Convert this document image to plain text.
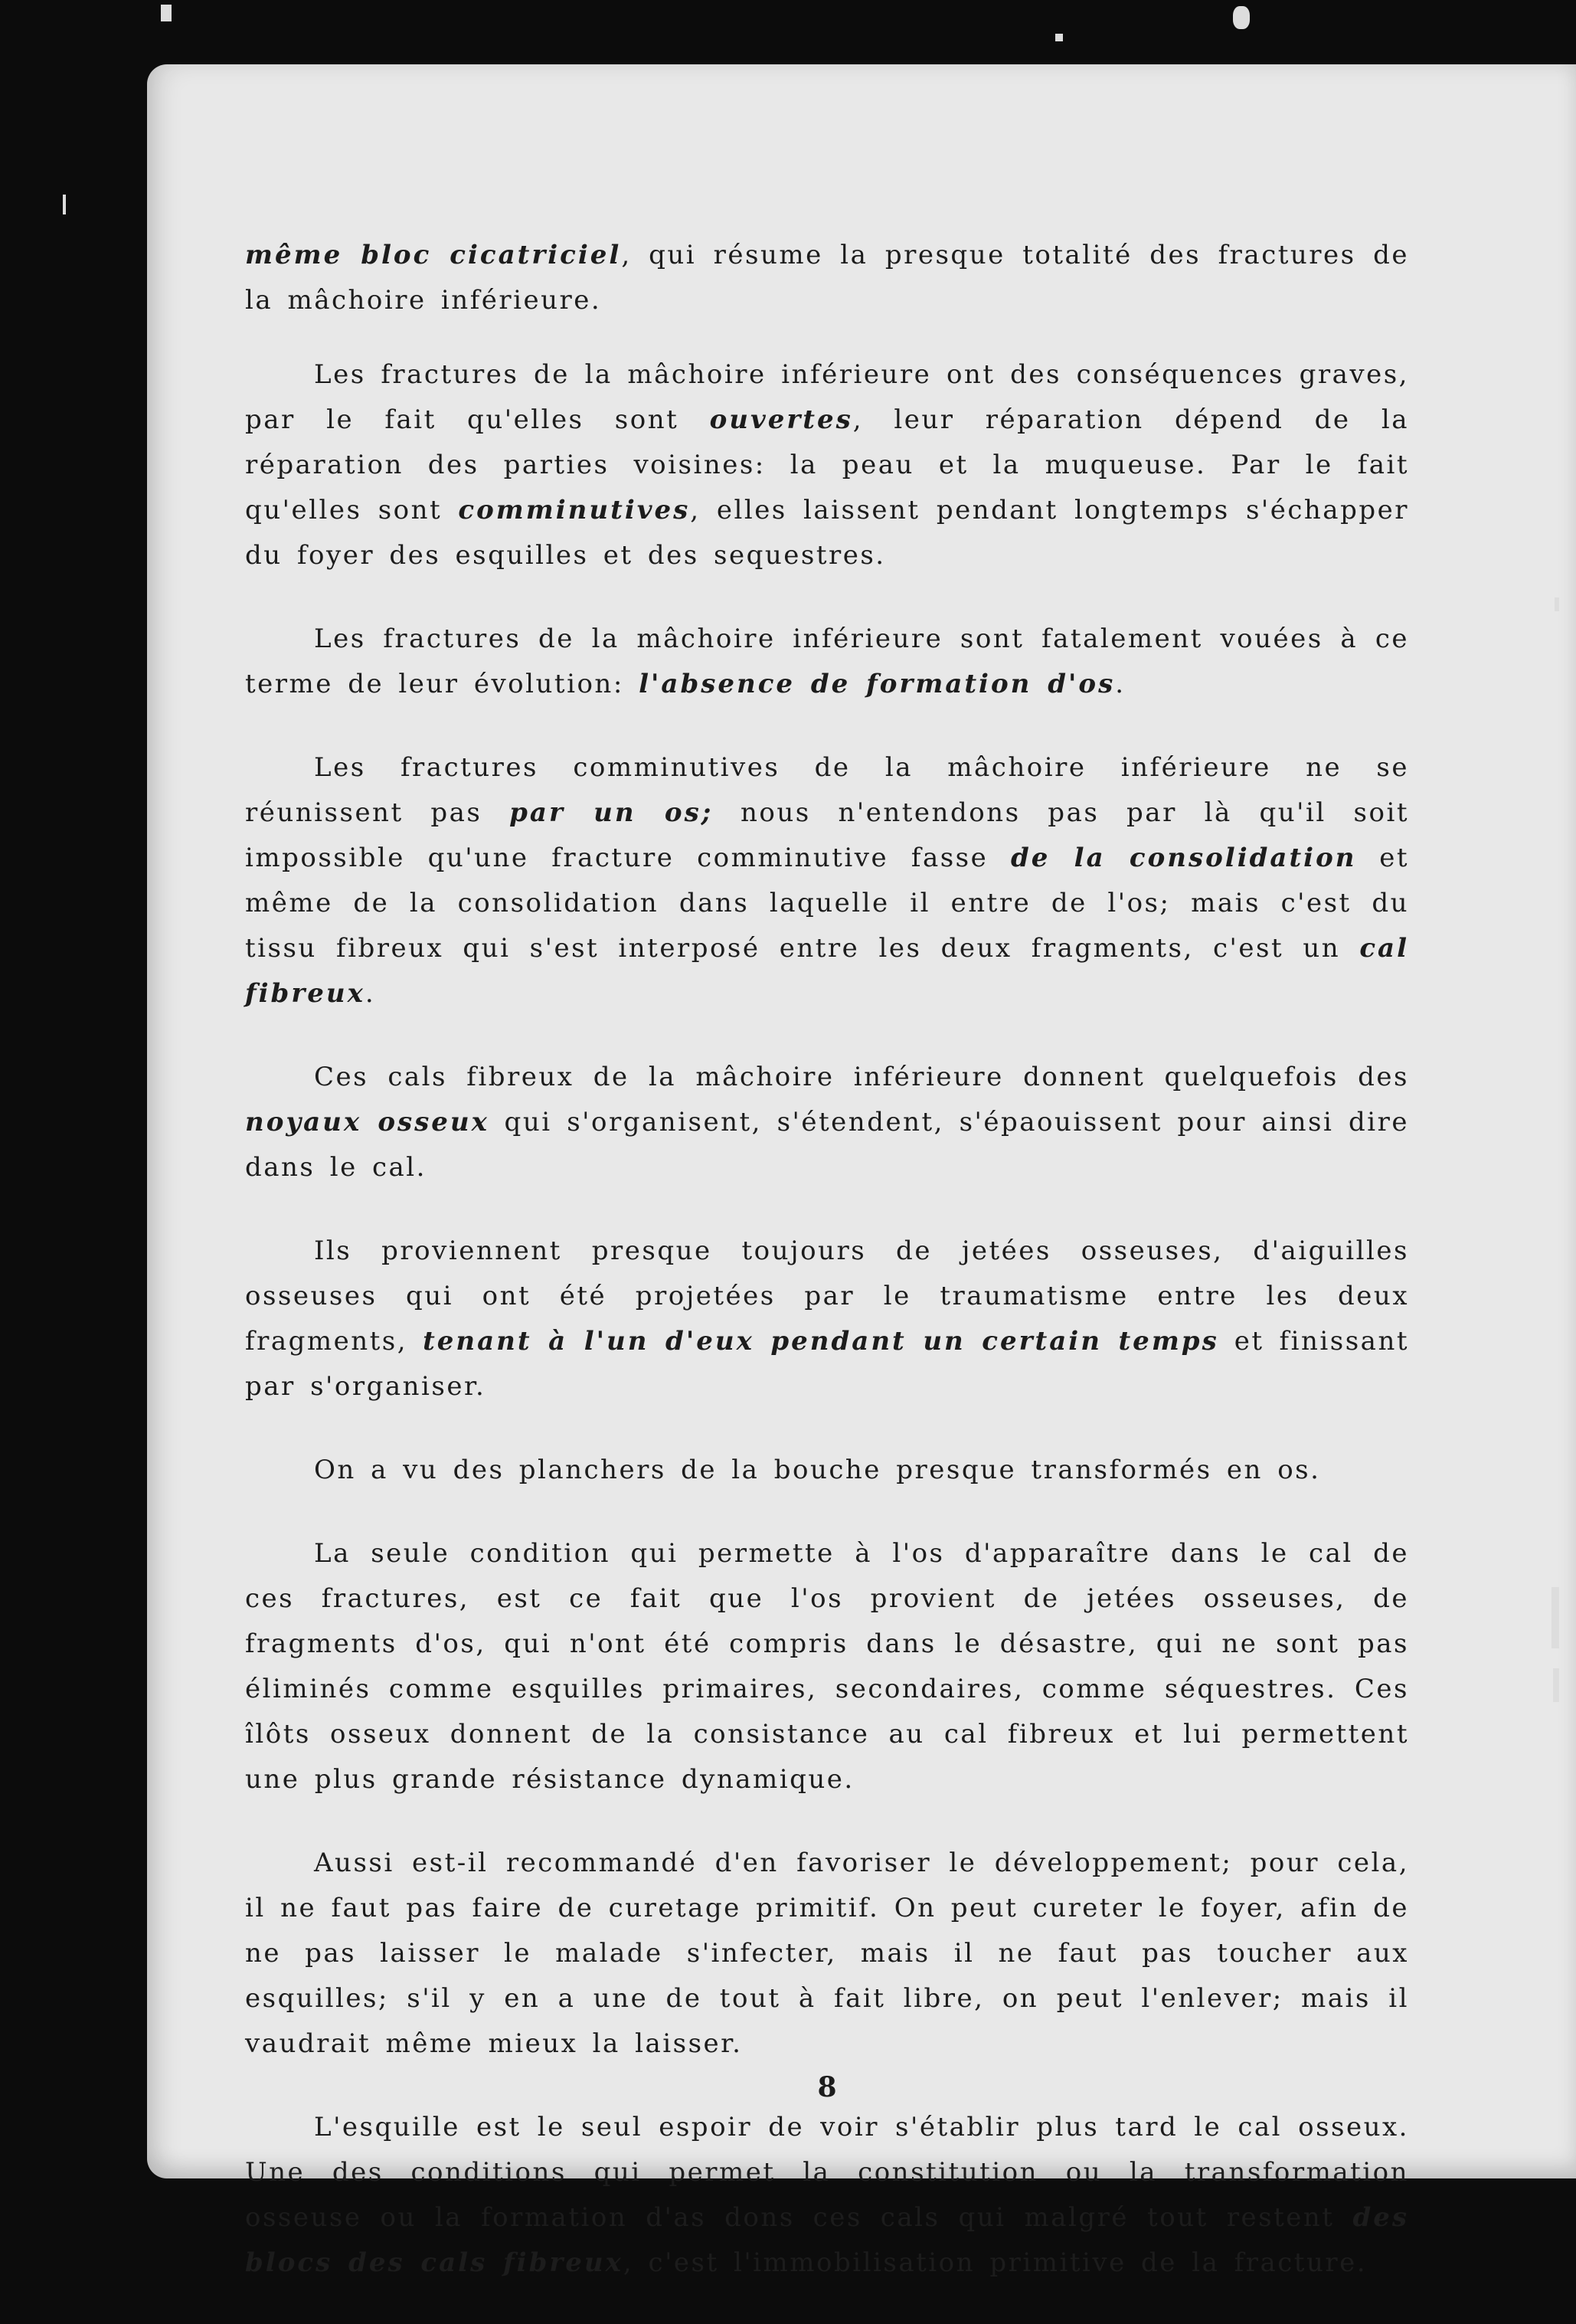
même bloc cicatriciel, qui résume la presque totalité des fractures de la mâchoire inférieure.

Les fractures de la mâchoire inférieure ont des conséquences graves, par le fait qu'elles sont ouvertes, leur réparation dépend de la réparation des parties voisines: la peau et la muqueuse. Par le fait qu'elles sont comminutives, elles laissent pendant longtemps s'échapper du foyer des esquilles et des sequestres.

Les fractures de la mâchoire inférieure sont fatalement vouées à ce terme de leur évolution: l'absence de formation d'os.

Les fractures comminutives de la mâchoire inférieure ne se réunissent pas par un os; nous n'entendons pas par là qu'il soit impossible qu'une fracture comminutive fasse de la consolidation et même de la consolidation dans laquelle il entre de l'os; mais c'est du tissu fibreux qui s'est interposé entre les deux fragments, c'est un cal fibreux.

Ces cals fibreux de la mâchoire inférieure donnent quelquefois des noyaux osseux qui s'organisent, s'étendent, s'épaouissent pour ainsi dire dans le cal.

Ils proviennent presque toujours de jetées osseuses, d'aiguilles osseuses qui ont été projetées par le traumatisme entre les deux fragments, tenant à l'un d'eux pendant un certain temps et finissant par s'organiser.

On a vu des planchers de la bouche presque transformés en os.

La seule condition qui permette à l'os d'apparaître dans le cal de ces fractures, est ce fait que l'os provient de jetées osseuses, de fragments d'os, qui n'ont été compris dans le désastre, qui ne sont pas éliminés comme esquilles primaires, secondaires, comme séquestres. Ces îlôts osseux donnent de la consistance au cal fibreux et lui permettent une plus grande résistance dynamique.

Aussi est-il recommandé d'en favoriser le développement; pour cela, il ne faut pas faire de curetage primitif. On peut cureter le foyer, afin de ne pas laisser le malade s'infecter, mais il ne faut pas toucher aux esquilles; s'il y en a une de tout à fait libre, on peut l'enlever; mais il vaudrait même mieux la laisser.

L'esquille est le seul espoir de voir s'établir plus tard le cal osseux. Une des conditions qui permet la constitution ou la transformation osseuse ou la formation d'as dons ces cals qui malgré tout restent des blocs des cals fibreux, c'est l'immobilisation primitive de la fracture.

8
